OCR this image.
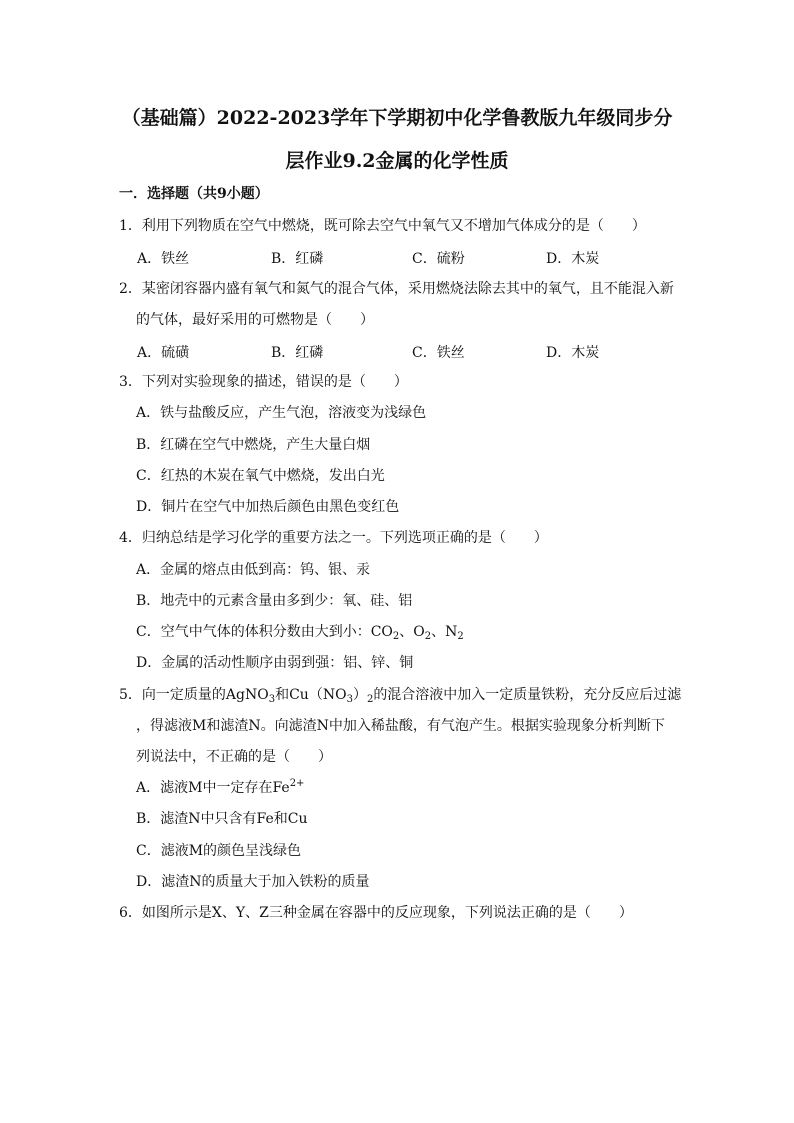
（基础篇）2022-2023学年下学期初中化学鲁教版九年级同步分
层作业9.2金属的化学性质
一．选择题（共9小题）
1．利用下列物质在空气中燃烧，既可除去空气中氧气又不增加气体成分的是（　　）
A．铁丝	B．红磷	C．硫粉	D．木炭
2．某密闭容器内盛有氧气和氮气的混合气体，采用燃烧法除去其中的氧气，且不能混入新
的气体，最好采用的可燃物是（　　）
A．硫磺	B．红磷	C．铁丝	D．木炭
3．下列对实验现象的描述，错误的是（　　）
A．铁与盐酸反应，产生气泡，溶液变为浅绿色
B．红磷在空气中燃烧，产生大量白烟
C．红热的木炭在氧气中燃烧，发出白光
D．铜片在空气中加热后颜色由黑色变红色
4．归纳总结是学习化学的重要方法之一。下列选项正确的是（　　）
A．金属的熔点由低到高：钨、银、汞
B．地壳中的元素含量由多到少：氧、硅、铝
C．空气中气体的体积分数由大到小：$CO_2$、$O_2$、$N_2$
D．金属的活动性顺序由弱到强：铝、锌、铜
5．向一定质量的AgNO$_3$和$Cu(NO_3)_2$的混合溶液中加入一定质量铁粉，充分反应后过滤
，得滤液M和滤渣N。向滤渣N中加入稀盐酸，有气泡产生。根据实验现象分析判断下
列说法中，不正确的是（　　）
A．滤液M中一定存在$Fe^{2+}$
B．滤渣N中只含有Fe和Cu
C．滤液M的颜色呈浅绿色
D．滤渣N的质量大于加入铁粉的质量
6．如图所示是X、Y、Z三种金属在容器中的反应现象，下列说法正确的是（　　）
